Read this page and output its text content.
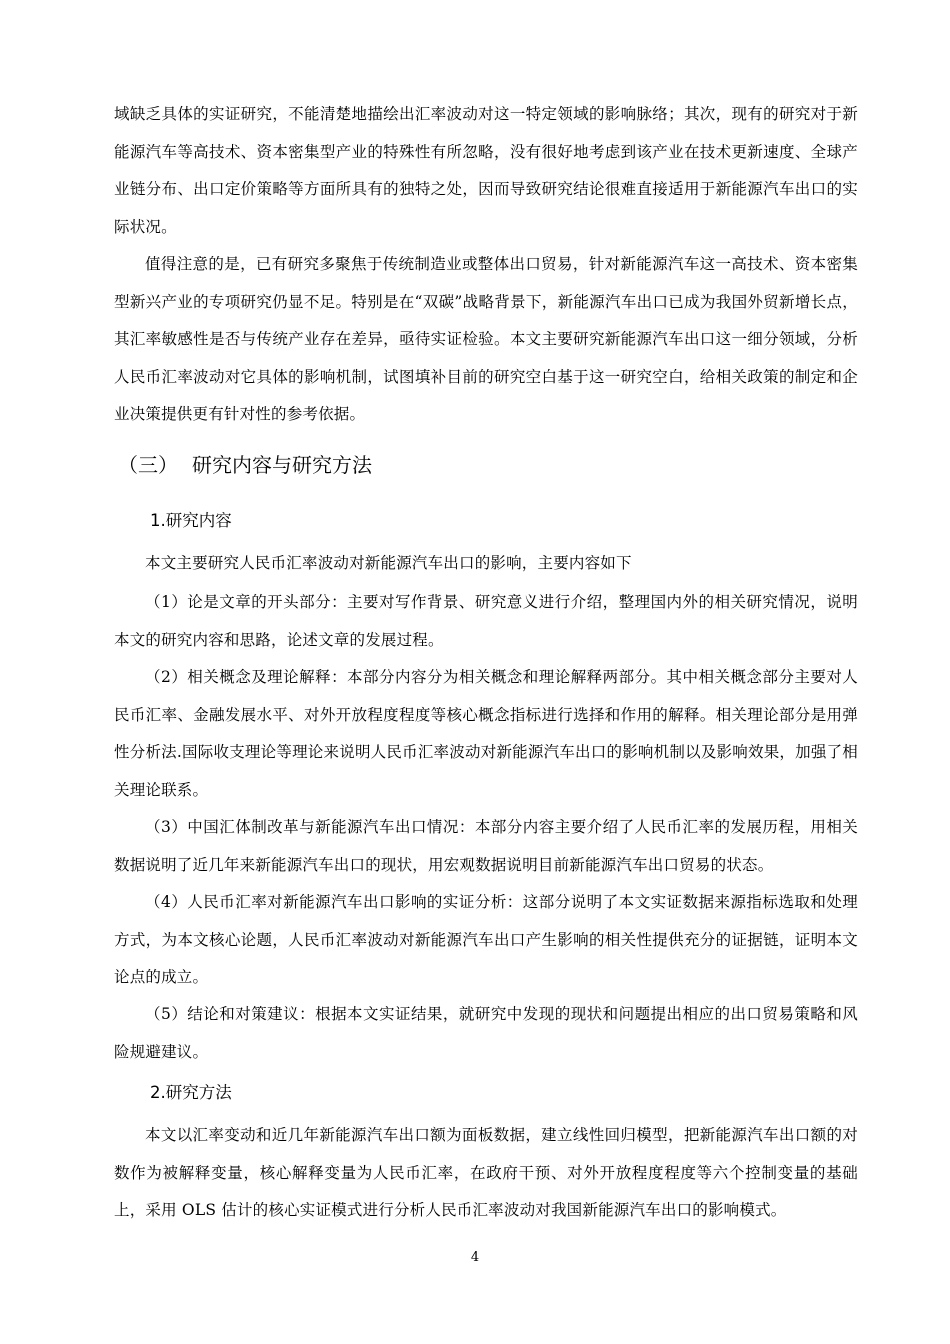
域缺乏具体的实证研究，不能清楚地描绘出汇率波动对这一特定领域的影响脉络；其次，现有的研究对于新能源汽车等高技术、资本密集型产业的特殊性有所忽略，没有很好地考虑到该产业在技术更新速度、全球产业链分布、出口定价策略等方面所具有的独特之处，因而导致研究结论很难直接适用于新能源汽车出口的实际状况。

值得注意的是，已有研究多聚焦于传统制造业或整体出口贸易，针对新能源汽车这一高技术、资本密集型新兴产业的专项研究仍显不足。特别是在“双碳”战略背景下，新能源汽车出口已成为我国外贸新增长点，其汇率敏感性是否与传统产业存在差异，亟待实证检验。本文主要研究新能源汽车出口这一细分领域，分析人民币汇率波动对它具体的影响机制，试图填补目前的研究空白基于这一研究空白，给相关政策的制定和企业决策提供更有针对性的参考依据。

（三） 研究内容与研究方法
1.研究内容

本文主要研究人民币汇率波动对新能源汽车出口的影响，主要内容如下

（1）论是文章的开头部分：主要对写作背景、研究意义进行介绍，整理国内外的相关研究情况，说明本文的研究内容和思路，论述文章的发展过程。

（2）相关概念及理论解释：本部分内容分为相关概念和理论解释两部分。其中相关概念部分主要对人民币汇率、金融发展水平、对外开放程度程度等核心概念指标进行选择和作用的解释。相关理论部分是用弹性分析法.国际收支理论等理论来说明人民币汇率波动对新能源汽车出口的影响机制以及影响效果，加强了相关理论联系。

（3）中国汇体制改革与新能源汽车出口情况：本部分内容主要介绍了人民币汇率的发展历程，用相关数据说明了近几年来新能源汽车出口的现状，用宏观数据说明目前新能源汽车出口贸易的状态。

（4）人民币汇率对新能源汽车出口影响的实证分析：这部分说明了本文实证数据来源指标选取和处理方式，为本文核心论题，人民币汇率波动对新能源汽车出口产生影响的相关性提供充分的证据链，证明本文论点的成立。

（5）结论和对策建议：根据本文实证结果，就研究中发现的现状和问题提出相应的出口贸易策略和风险规避建议。

2.研究方法

本文以汇率变动和近几年新能源汽车出口额为面板数据，建立线性回归模型，把新能源汽车出口额的对数作为被解释变量，核心解释变量为人民币汇率，在政府干预、对外开放程度程度等六个控制变量的基础上，采用 OLS 估计的核心实证模式进行分析人民币汇率波动对我国新能源汽车出口的影响模式。

4
